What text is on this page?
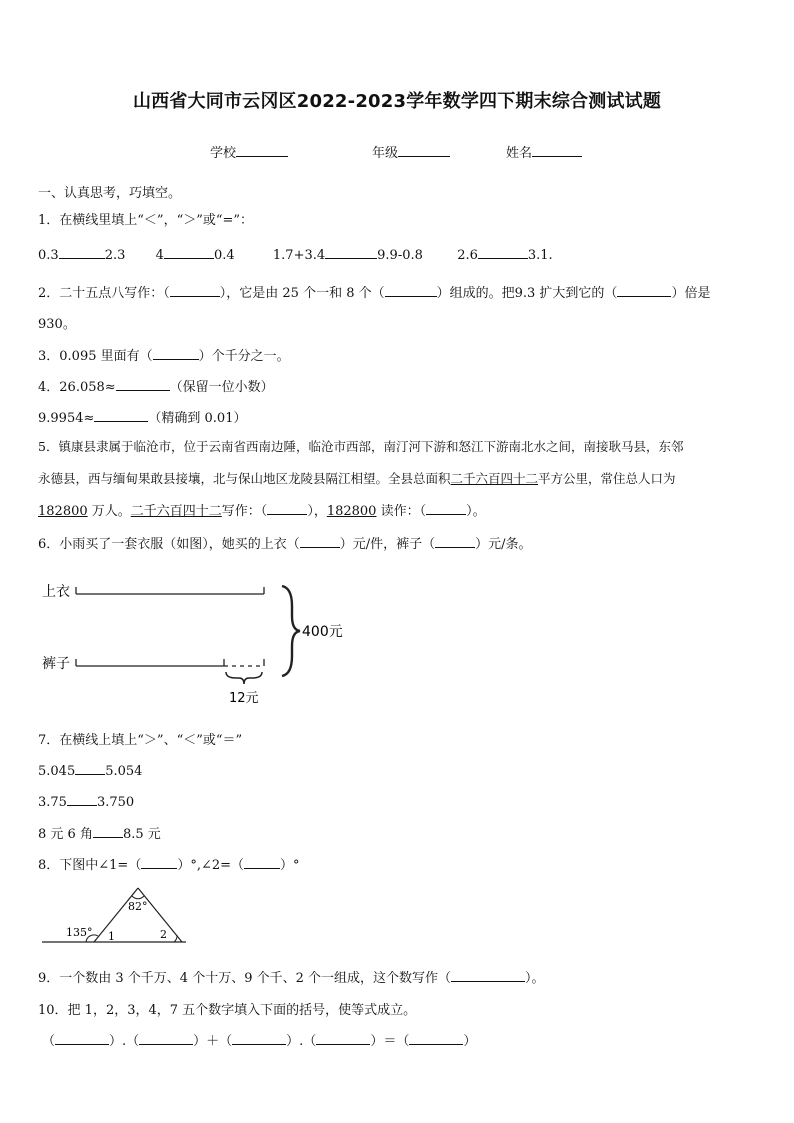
山西省大同市云冈区2022-2023学年数学四下期末综合测试试题
学校	年级	姓名
一、认真思考，巧填空。
1．在横线里填上“＜”，“＞”或“=”：
0.3	2.3 4	0.4	1.7+3.4	9.9-0.8	2.6	3.1.
2．二十五点八写作：（	），它是由 25 个一和 8 个（	）组成的。把9.3 扩大到它的（	）倍是
930。
3．0.095 里面有（	）个千分之一。
4．26.058≈	（保留一位小数）
9.9954≈	（精确到 0.01）
5．镇康县隶属于临沧市，位于云南省西南边陲，临沧市西部，南汀河下游和怒江下游南北水之间，南接耿马县，东邻
永德县，西与缅甸果敢县接壤，北与保山地区龙陵县隔江相望。全县总面积二千六百四十二平方公里，常住总人口为
182800 万人。二千六百四十二写作：（	），182800 读作：（	）。
6．小雨买了一套衣服（如图），她买的上衣（	）元/件，裤子（	）元/条。
上衣
裤子
12元
400元
7．在横线上填上“＞”、“＜”或“＝”
5.045 5.054
3.75 3.750
8 元 6 角 8.5 元
8．下图中∠1=（	）°,∠2=（	）°
82°
135° 1	2
9．一个数由 3 个千万、4 个十万、9 个千、2 个一组成，这个数写作（	）。
10．把 1，2，3，4，7 五个数字填入下面的括号，使等式成立。
（	）.（	）＋（	）.（	）＝（	）
